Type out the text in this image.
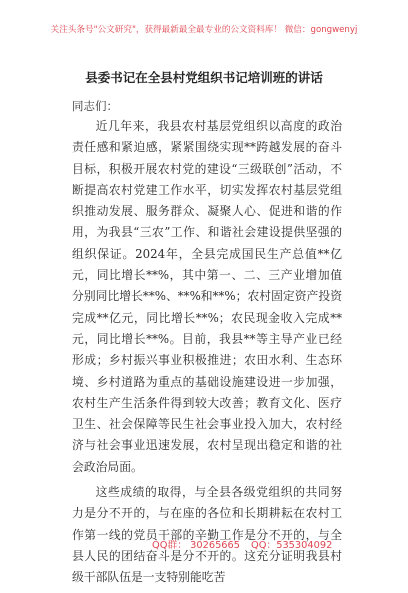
关注头条号"公文研究"，获得最新最全最专业的公文资料库！ 微信：gongwenyj
县委书记在全县村党组织书记培训班的讲话
同志们：

近几年来，我县农村基层党组织以高度的政治责任感和紧迫感，紧紧围绕实现**跨越发展的奋斗目标，积极开展农村党的建设“三级联创”活动，不断提高农村党建工作水平，切实发挥农村基层党组织推动发展、服务群众、凝聚人心、促进和谐的作用，为我县“三农”工作、和谐社会建设提供坚强的组织保证。2024年，全县完成国民生产总值**亿元，同比增长**%，其中第一、二、三产业增加值分别同比增长**%、**%和**%；农村固定资产投资完成**亿元，同比增长**%；农民现金收入完成**元，同比增长**%。目前，我县**等主导产业已经形成；乡村振兴事业积极推进；农田水利、生态环境、乡村道路为重点的基础设施建设进一步加强，农村生产生活条件得到较大改善；教育文化、医疗卫生、社会保障等民生社会事业投入加大，农村经济与社会事业迅速发展，农村呈现出稳定和谐的社会政治局面。

这些成绩的取得，与全县各级党组织的共同努力是分不开的，与在座的各位和长期耕耘在农村工作第一线的党员干部的辛勤工作是分不开的，与全县人民的团结奋斗是分不开的。这充分证明我县村级干部队伍是一支特别能吃苦

QQ群： 30265665 QQ：535304092
